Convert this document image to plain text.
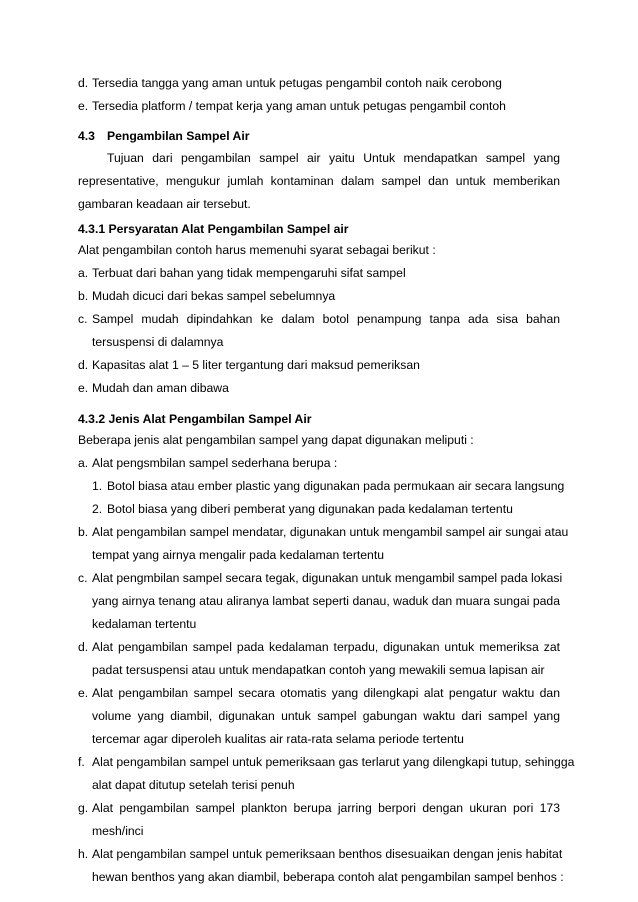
d. Tersedia tangga yang aman untuk petugas pengambil contoh naik cerobong
e. Tersedia platform / tempat kerja yang aman untuk petugas pengambil contoh
4.3 Pengambilan Sampel Air
Tujuan dari pengambilan sampel air yaitu Untuk mendapatkan sampel yang
representative, mengukur jumlah kontaminan dalam sampel dan untuk memberikan
gambaran keadaan air tersebut.
4.3.1 Persyaratan Alat Pengambilan Sampel air
Alat pengambilan contoh harus memenuhi syarat sebagai berikut :
a. Terbuat dari bahan yang tidak mempengaruhi sifat sampel
b. Mudah dicuci dari bekas sampel sebelumnya
c. Sampel mudah dipindahkan ke dalam botol penampung tanpa ada sisa bahan
tersuspensi di dalamnya
d. Kapasitas alat 1 – 5 liter tergantung dari maksud pemeriksan
e. Mudah dan aman dibawa
4.3.2 Jenis Alat Pengambilan Sampel Air
Beberapa jenis alat pengambilan sampel yang dapat digunakan meliputi :
a. Alat pengsmbilan sampel sederhana berupa :
1. Botol biasa atau ember plastic yang digunakan pada permukaan air secara langsung
2. Botol biasa yang diberi pemberat yang digunakan pada kedalaman tertentu
b. Alat pengambilan sampel mendatar, digunakan untuk mengambil sampel air sungai atau
tempat yang airnya mengalir pada kedalaman tertentu
c. Alat pengmbilan sampel secara tegak, digunakan untuk mengambil sampel pada lokasi
yang airnya tenang atau aliranya lambat seperti danau, waduk dan muara sungai pada
kedalaman tertentu
d. Alat pengambilan sampel pada kedalaman terpadu, digunakan untuk memeriksa zat
padat tersuspensi atau untuk mendapatkan contoh yang mewakili semua lapisan air
e. Alat pengambilan sampel secara otomatis yang dilengkapi alat pengatur waktu dan
volume yang diambil, digunakan untuk sampel gabungan waktu dari sampel yang
tercemar agar diperoleh kualitas air rata-rata selama periode tertentu
f. Alat pengambilan sampel untuk pemeriksaan gas terlarut yang dilengkapi tutup, sehingga
alat dapat ditutup setelah terisi penuh
g. Alat pengambilan sampel plankton berupa jarring berpori dengan ukuran pori 173
mesh/inci
h. Alat pengambilan sampel untuk pemeriksaan benthos disesuaikan dengan jenis habitat
hewan benthos yang akan diambil, beberapa contoh alat pengambilan sampel benhos :
